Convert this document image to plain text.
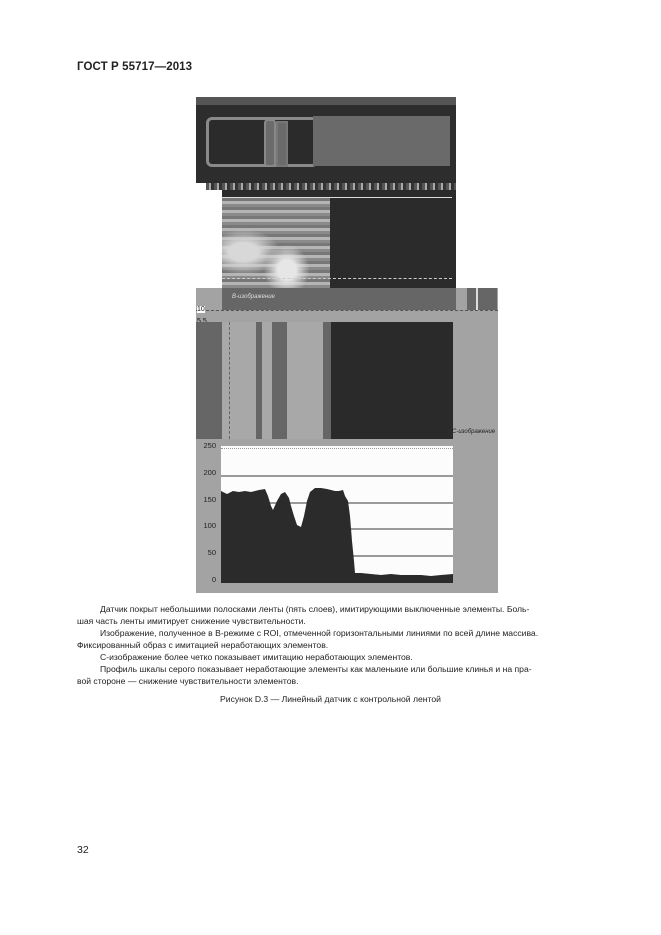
ГОСТ Р 55717—2013
B-изображение
10
C-изображение
250
200
150
100
50
0
Датчик покрыт небольшими полосками ленты (пять слоев), имитирующими выключенные элементы. Боль-
шая часть ленты имитирует снижение чувствительности.
Изображение, полученное в B-режиме с ROI, отмеченной горизонтальными линиями по всей длине массива.
Фиксированный образ с имитацией неработающих элементов.
C-изображение более четко показывает имитацию неработающих элементов.
Профиль шкалы серого показывает неработающие элементы как маленькие или большие клинья и на пра-
вой стороне — снижение чувствительности элементов.
Рисунок D.3 — Линейный датчик с контрольной лентой
32
